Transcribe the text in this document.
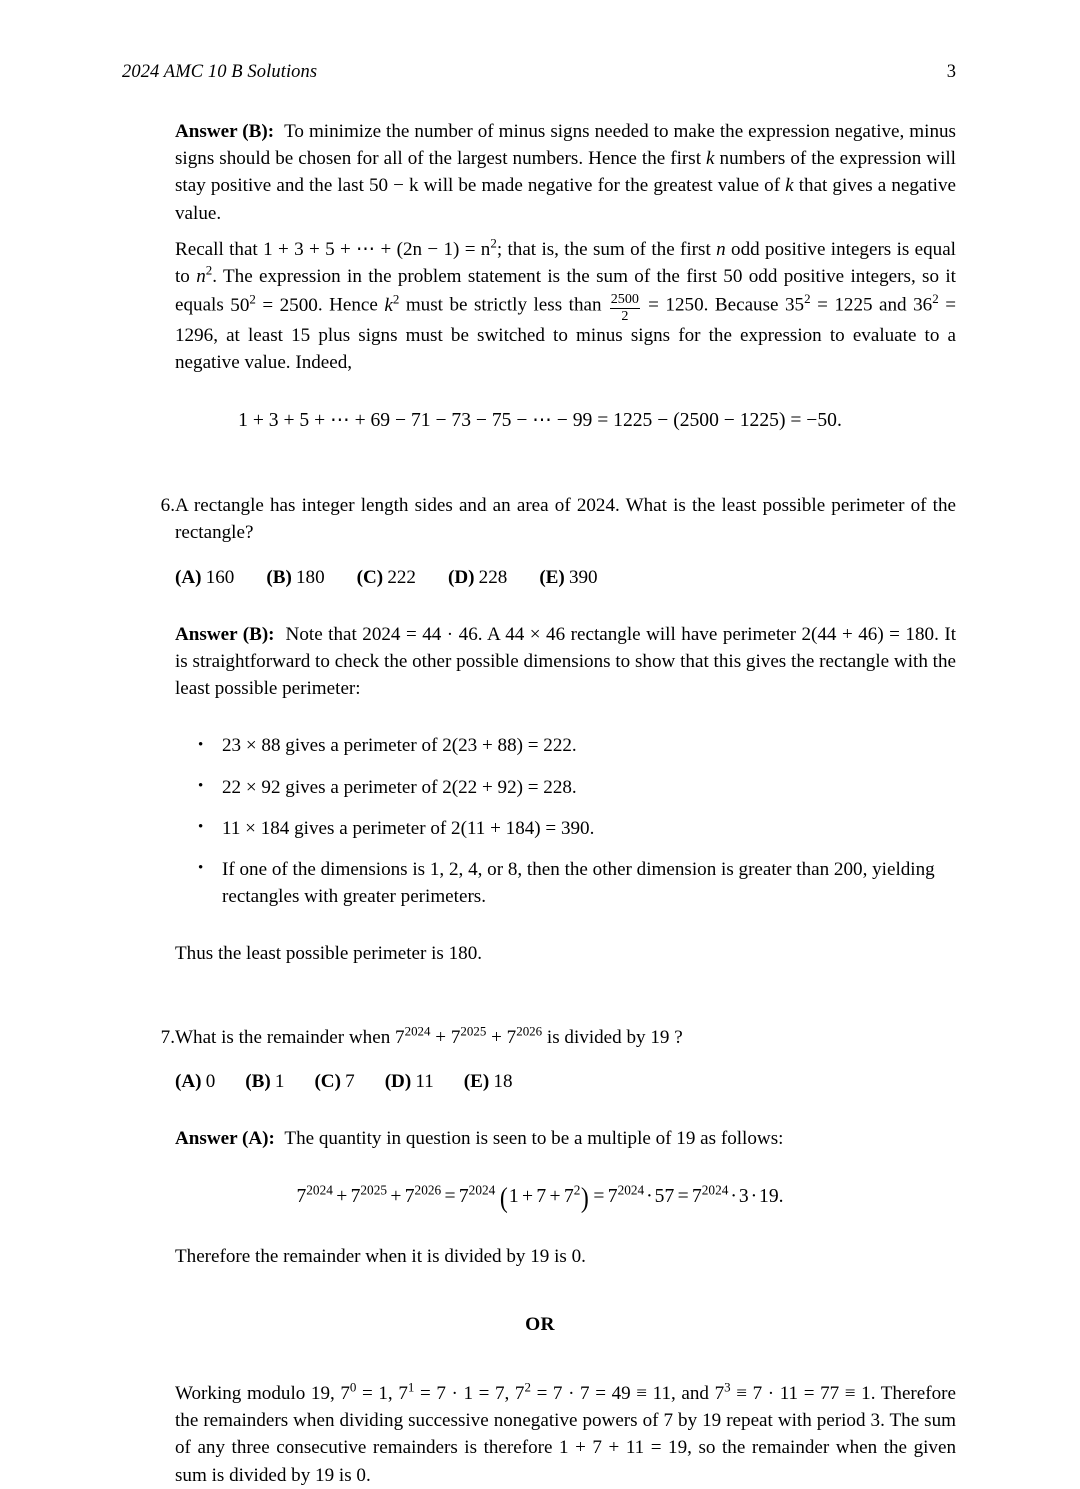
2024 AMC 10 B Solutions	3

Answer (B): To minimize the number of minus signs needed to make the expression negative, minus signs should be chosen for all of the largest numbers. Hence the first k numbers of the expression will stay positive and the last 50 − k will be made negative for the greatest value of k that gives a negative value.

Recall that 1 + 3 + 5 + ⋯ + $(2n - 1) = n^2$; that is, the sum of the first n odd positive integers is equal to $n^2$. The expression in the problem statement is the sum of the first 50 odd positive integers, so it equals $50^2 = 2500$. Hence $k^2$ must be strictly less than $\frac{2500}{2} = 1250$. Because $35^2 = 1225$ and $36^2 = 1296$, at least 15 plus signs must be switched to minus signs for the expression to evaluate to a negative value. Indeed,

1 + 3 + 5 + ⋯ + 69 − 71 − 73 − 75 − ⋯ − 99 = 1225 − (2500 − 1225) = −50.
6. A rectangle has integer length sides and an area of 2024. What is the least possible perimeter of the rectangle?
(A) 160 (B) 180 (C) 222 (D) 228 (E) 390

Answer (B): Note that 2024 = 44 · 46. A 44 × 46 rectangle will have perimeter 2(44 + 46) = 180. It is straightforward to check the other possible dimensions to show that this gives the rectangle with the least possible perimeter:

• 23 × 88 gives a perimeter of 2(23 + 88) = 222.
• 22 × 92 gives a perimeter of 2(22 + 92) = 228.
• 11 × 184 gives a perimeter of 2(11 + 184) = 390.
• If one of the dimensions is 1, 2, 4, or 8, then the other dimension is greater than 200, yielding rectangles with greater perimeters.

Thus the least possible perimeter is 180.

7. What is the remainder when $7^{2024} + 7^{2025} + 7^{2026}$ is divided by 19 ?
(A) 0 (B) 1 (C) 7 (D) 11 (E) 18

Answer (A): The quantity in question is seen to be a multiple of 19 as follows:

$7^{2024} + 7^{2025} + 7^{2026} = 7^{2024}$  $(1 + 7 + 7^2) = 7^{2024}\cdot 57 = 7^{2024}\cdot 3\cdot 19$.

Therefore the remainder when it is divided by 19 is 0.

OR

Working modulo 19, $7^0 = 1$, $7^1 = 7 \cdot 1 = 7$, $7^2 = 7 \cdot 7 = 49 \equiv 11$, and $7^3 \equiv 7 \cdot 11 = 77 \equiv 1$. Therefore the remainders when dividing successive nonegative powers of 7 by 19 repeat with period 3. The sum of any three consecutive remainders is therefore 1 + 7 + 11 = 19, so the remainder when the given sum is divided by 19 is 0.
